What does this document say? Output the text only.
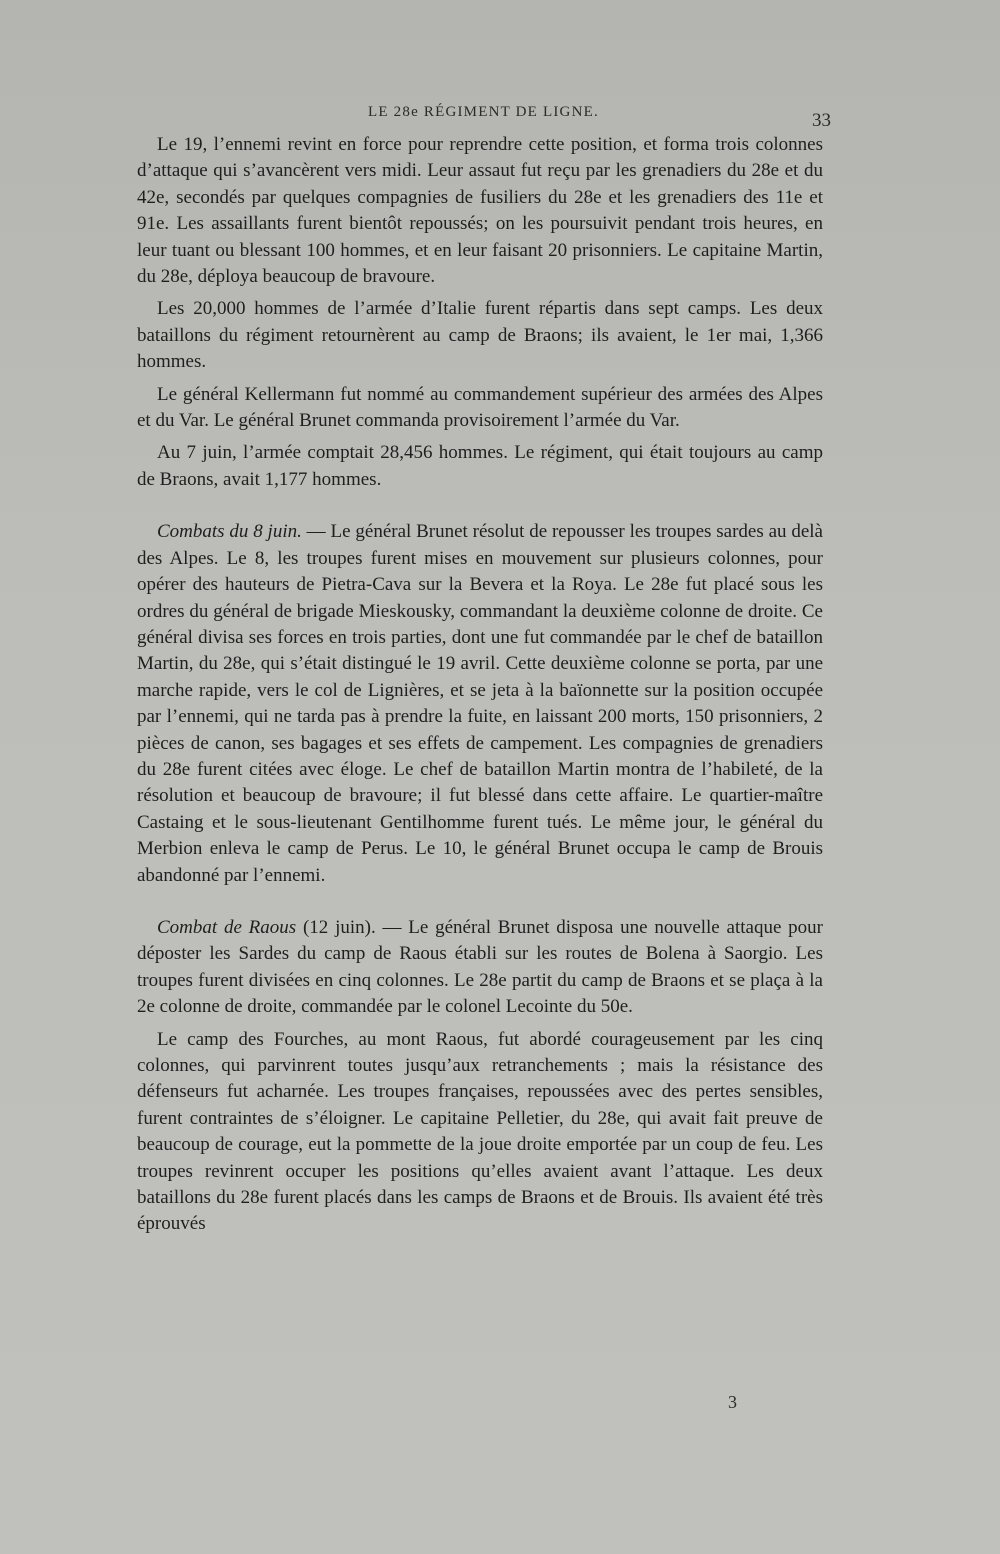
LE 28e RÉGIMENT DE LIGNE.	33

Le 19, l’ennemi revint en force pour reprendre cette position, et forma trois colonnes d’attaque qui s’avancèrent vers midi. Leur assaut fut reçu par les grenadiers du 28e et du 42e, secondés par quelques compagnies de fusiliers du 28e et les grenadiers des 11e et 91e. Les assaillants furent bientôt repoussés; on les poursuivit pendant trois heures, en leur tuant ou blessant 100 hommes, et en leur faisant 20 prisonniers. Le capitaine Martin, du 28e, déploya beaucoup de bravoure.

Les 20,000 hommes de l’armée d’Italie furent répartis dans sept camps. Les deux bataillons du régiment retournèrent au camp de Braons; ils avaient, le 1er mai, 1,366 hommes.

Le général Kellermann fut nommé au commandement supérieur des armées des Alpes et du Var. Le général Brunet commanda provisoirement l’armée du Var.

Au 7 juin, l’armée comptait 28,456 hommes. Le régiment, qui était toujours au camp de Braons, avait 1,177 hommes.

Combats du 8 juin. — Le général Brunet résolut de repousser les troupes sardes au delà des Alpes. Le 8, les troupes furent mises en mouvement sur plusieurs colonnes, pour opérer des hauteurs de Pietra-Cava sur la Bevera et la Roya. Le 28e fut placé sous les ordres du général de brigade Mieskousky, commandant la deuxième colonne de droite. Ce général divisa ses forces en trois parties, dont une fut commandée par le chef de bataillon Martin, du 28e, qui s’était distingué le 19 avril. Cette deuxième colonne se porta, par une marche rapide, vers le col de Lignières, et se jeta à la baïonnette sur la position occupée par l’ennemi, qui ne tarda pas à prendre la fuite, en laissant 200 morts, 150 prisonniers, 2 pièces de canon, ses bagages et ses effets de campement. Les compagnies de grenadiers du 28e furent citées avec éloge. Le chef de bataillon Martin montra de l’habileté, de la résolution et beaucoup de bravoure; il fut blessé dans cette affaire. Le quartier-maître Castaing et le sous-lieutenant Gentilhomme furent tués. Le même jour, le général du Merbion enleva le camp de Perus. Le 10, le général Brunet occupa le camp de Brouis abandonné par l’ennemi.

Combat de Raous (12 juin). — Le général Brunet disposa une nouvelle attaque pour déposter les Sardes du camp de Raous établi sur les routes de Bolena à Saorgio. Les troupes furent divisées en cinq colonnes. Le 28e partit du camp de Braons et se plaça à la 2e colonne de droite, commandée par le colonel Lecointe du 50e.

Le camp des Fourches, au mont Raous, fut abordé courageusement par les cinq colonnes, qui parvinrent toutes jusqu’aux retranchements ; mais la résistance des défenseurs fut acharnée. Les troupes françaises, repoussées avec des pertes sensibles, furent contraintes de s’éloigner. Le capitaine Pelletier, du 28e, qui avait fait preuve de beaucoup de courage, eut la pommette de la joue droite emportée par un coup de feu. Les troupes revinrent occuper les positions qu’elles avaient avant l’attaque. Les deux bataillons du 28e furent placés dans les camps de Braons et de Brouis. Ils avaient été très éprouvés

3
